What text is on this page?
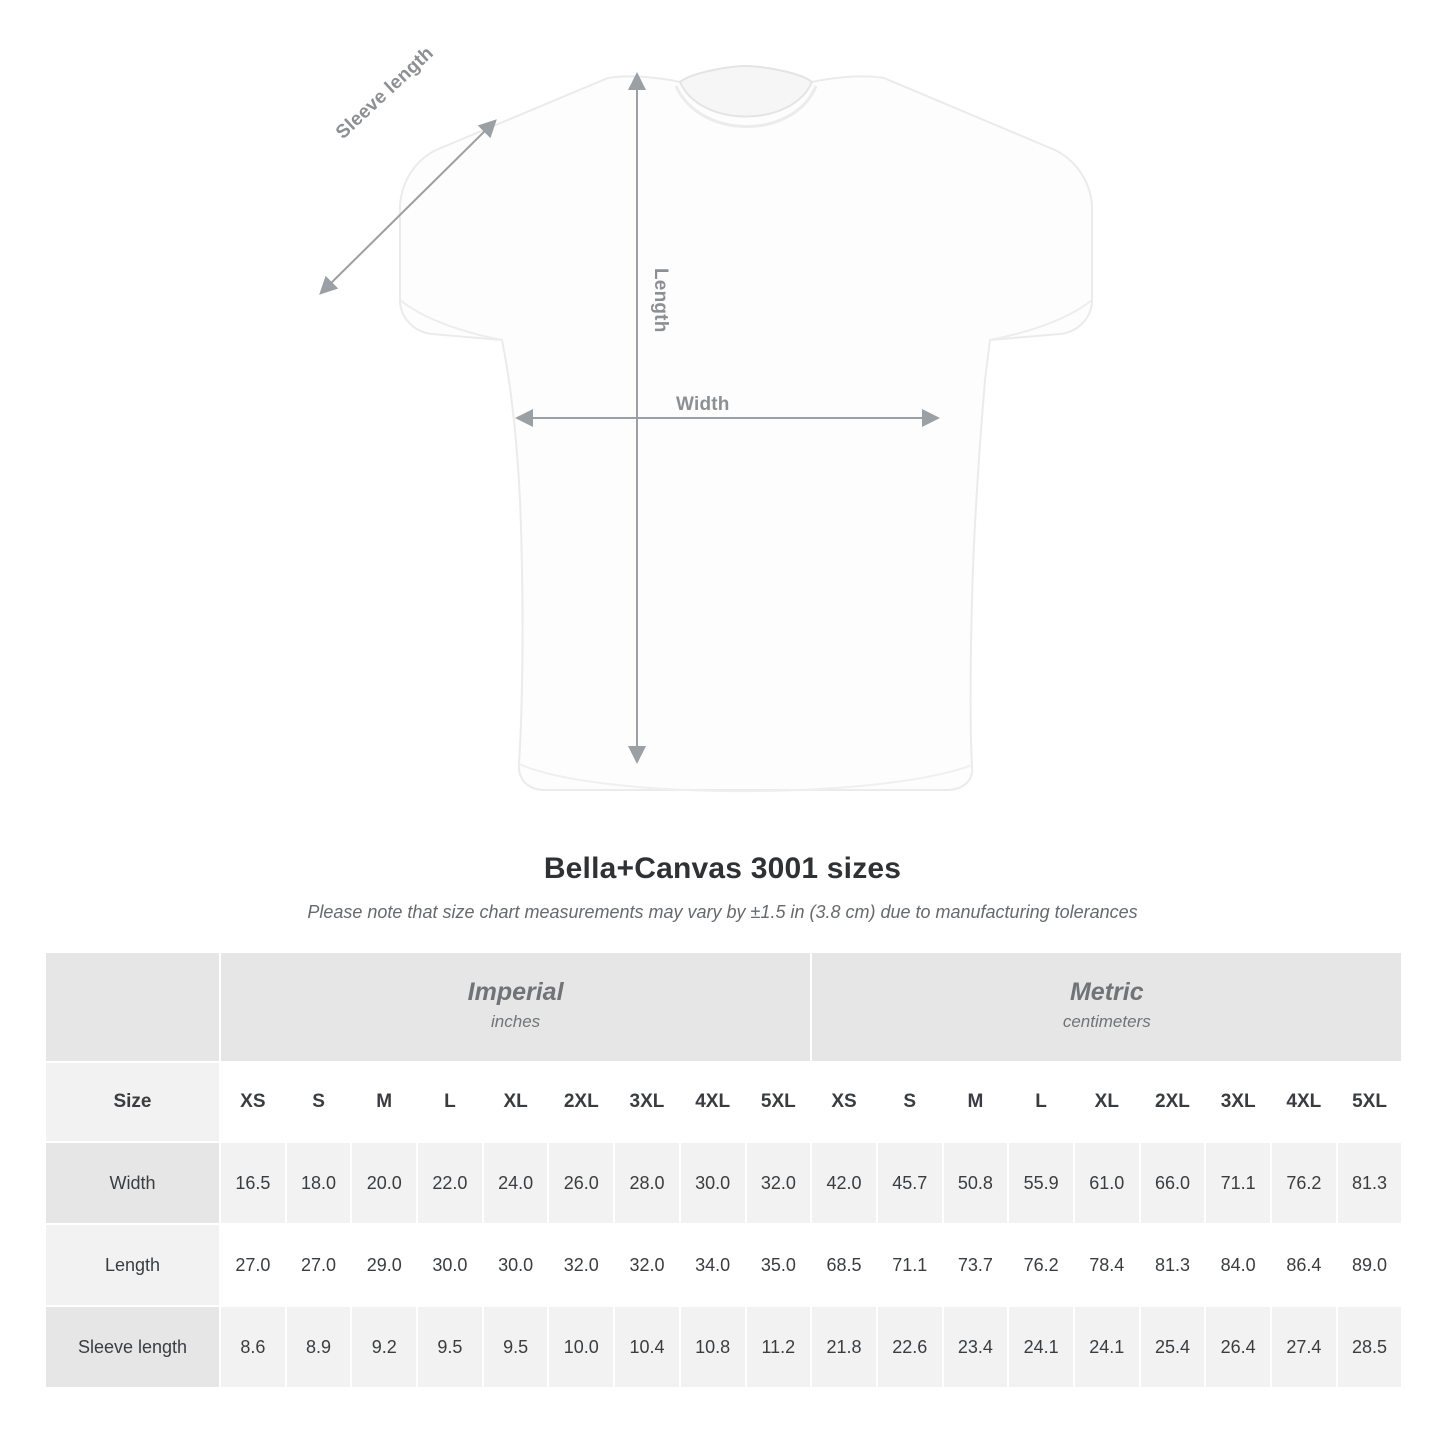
Width
Length
Sleeve length
Bella+Canvas 3001 sizes
Please note that size chart measurements may vary by ±1.5 in (3.8 cm) due to manufacturing tolerances

Imperial
inches

Metric
centimeters

Size	XS	S	M	L	XL	2XL	3XL	4XL	5XL	XS	S	M	L	XL	2XL	3XL	4XL	5XL
Width	16.5	18.0	20.0	22.0	24.0	26.0	28.0	30.0	32.0	42.0	45.7	50.8	55.9	61.0	66.0	71.1	76.2	81.3
Length	27.0	27.0	29.0	30.0	30.0	32.0	32.0	34.0	35.0	68.5	71.1	73.7	76.2	78.4	81.3	84.0	86.4	89.0
Sleeve length	8.6	8.9	9.2	9.5	9.5	10.0	10.4	10.8	11.2	21.8	22.6	23.4	24.1	24.1	25.4	26.4	27.4	28.5
